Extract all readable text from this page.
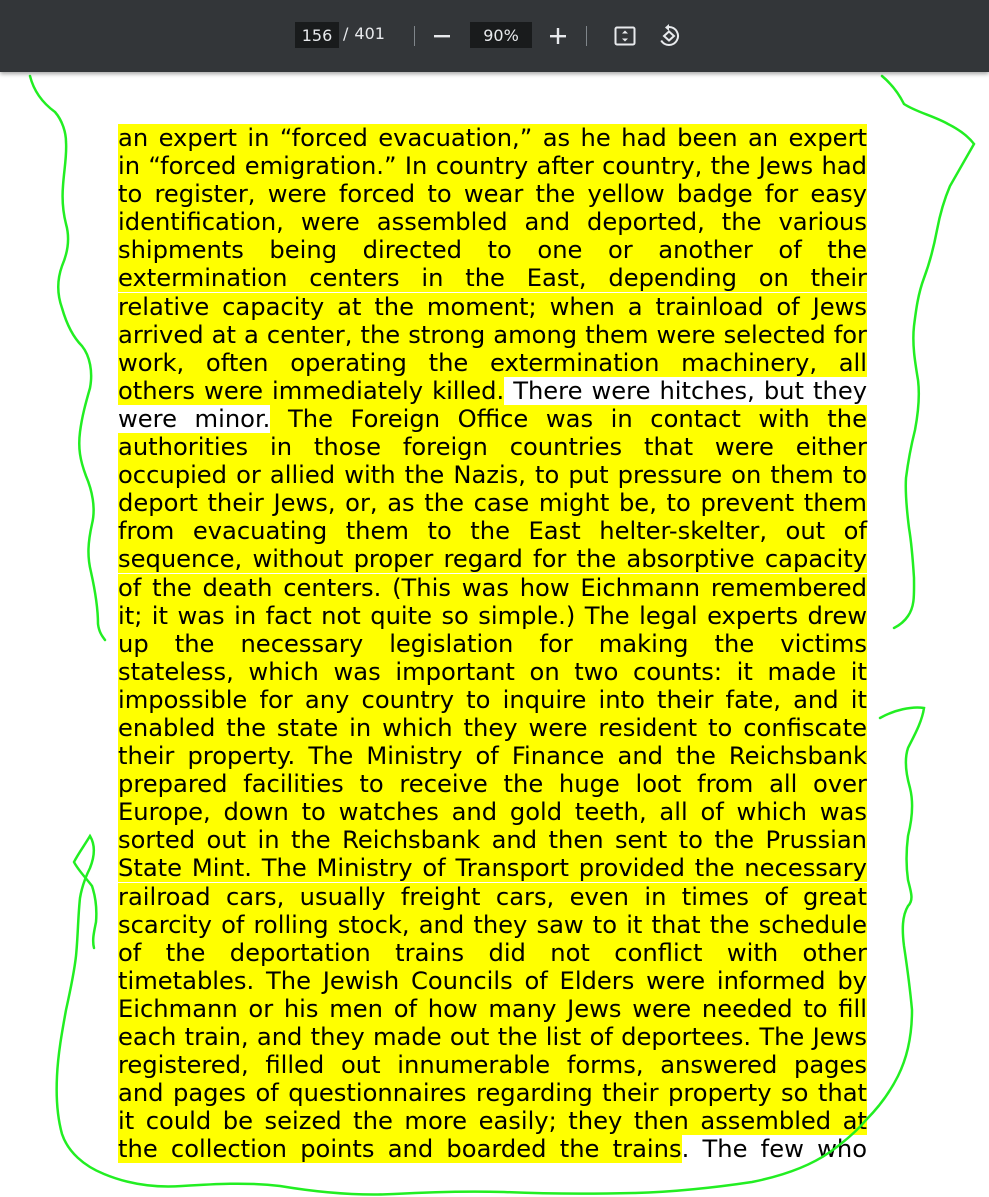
156 / 401	90%
an expert in “forced evacuation,” as he had been an expert
in “forced emigration.” In country after country, the Jews had
to register, were forced to wear the yellow badge for easy
identification, were assembled and deported, the various
shipments being directed to one or another of the
extermination centers in the East, depending on their
relative capacity at the moment; when a trainload of Jews
arrived at a center, the strong among them were selected for
work, often operating the extermination machinery, all
others were immediately killed. There were hitches, but they
were minor. The Foreign Office was in contact with the
authorities in those foreign countries that were either
occupied or allied with the Nazis, to put pressure on them to
deport their Jews, or, as the case might be, to prevent them
from evacuating them to the East helter-skelter, out of
sequence, without proper regard for the absorptive capacity
of the death centers. (This was how Eichmann remembered
it; it was in fact not quite so simple.) The legal experts drew
up the necessary legislation for making the victims
stateless, which was important on two counts: it made it
impossible for any country to inquire into their fate, and it
enabled the state in which they were resident to confiscate
their property. The Ministry of Finance and the Reichsbank
prepared facilities to receive the huge loot from all over
Europe, down to watches and gold teeth, all of which was
sorted out in the Reichsbank and then sent to the Prussian
State Mint. The Ministry of Transport provided the necessary
railroad cars, usually freight cars, even in times of great
scarcity of rolling stock, and they saw to it that the schedule
of the deportation trains did not conflict with other
timetables. The Jewish Councils of Elders were informed by
Eichmann or his men of how many Jews were needed to fill
each train, and they made out the list of deportees. The Jews
registered, filled out innumerable forms, answered pages
and pages of questionnaires regarding their property so that
it could be seized the more easily; they then assembled at
the collection points and boarded the trains. The few who
